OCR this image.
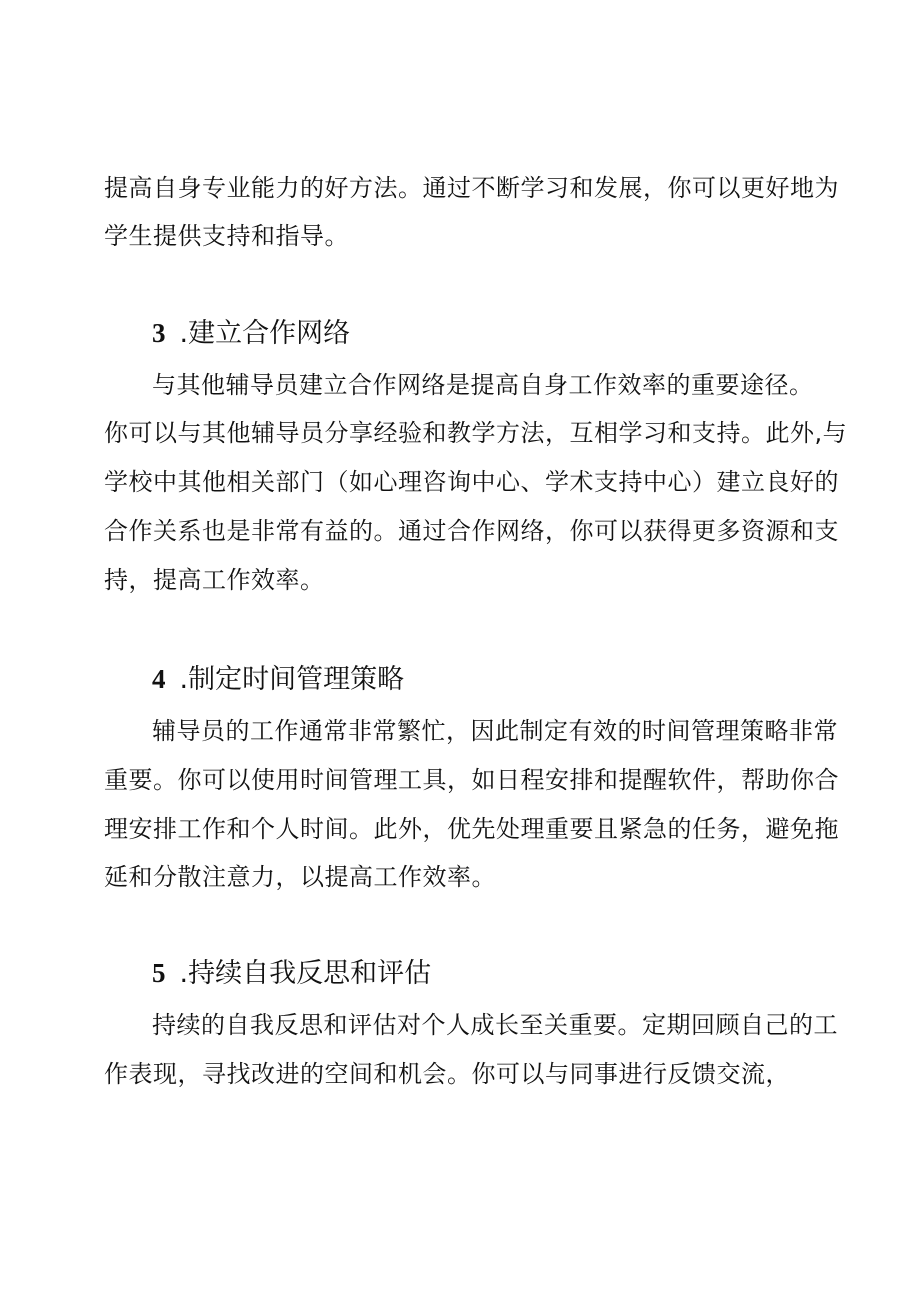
提高自身专业能力的好方法。通过不断学习和发展，你可以更好地为
学生提供支持和指导。
3 .建立合作网络
与其他辅导员建立合作网络是提高自身工作效率的重要途径。
你可以与其他辅导员分享经验和教学方法，互相学习和支持。此外,与
学校中其他相关部门（如心理咨询中心、学术支持中心）建立良好的
合作关系也是非常有益的。通过合作网络，你可以获得更多资源和支
持，提高工作效率。
4 .制定时间管理策略
辅导员的工作通常非常繁忙，因此制定有效的时间管理策略非常
重要。你可以使用时间管理工具，如日程安排和提醒软件，帮助你合
理安排工作和个人时间。此外，优先处理重要且紧急的任务，避免拖
延和分散注意力，以提高工作效率。
5 .持续自我反思和评估
持续的自我反思和评估对个人成长至关重要。定期回顾自己的工
作表现，寻找改进的空间和机会。你可以与同事进行反馈交流，
